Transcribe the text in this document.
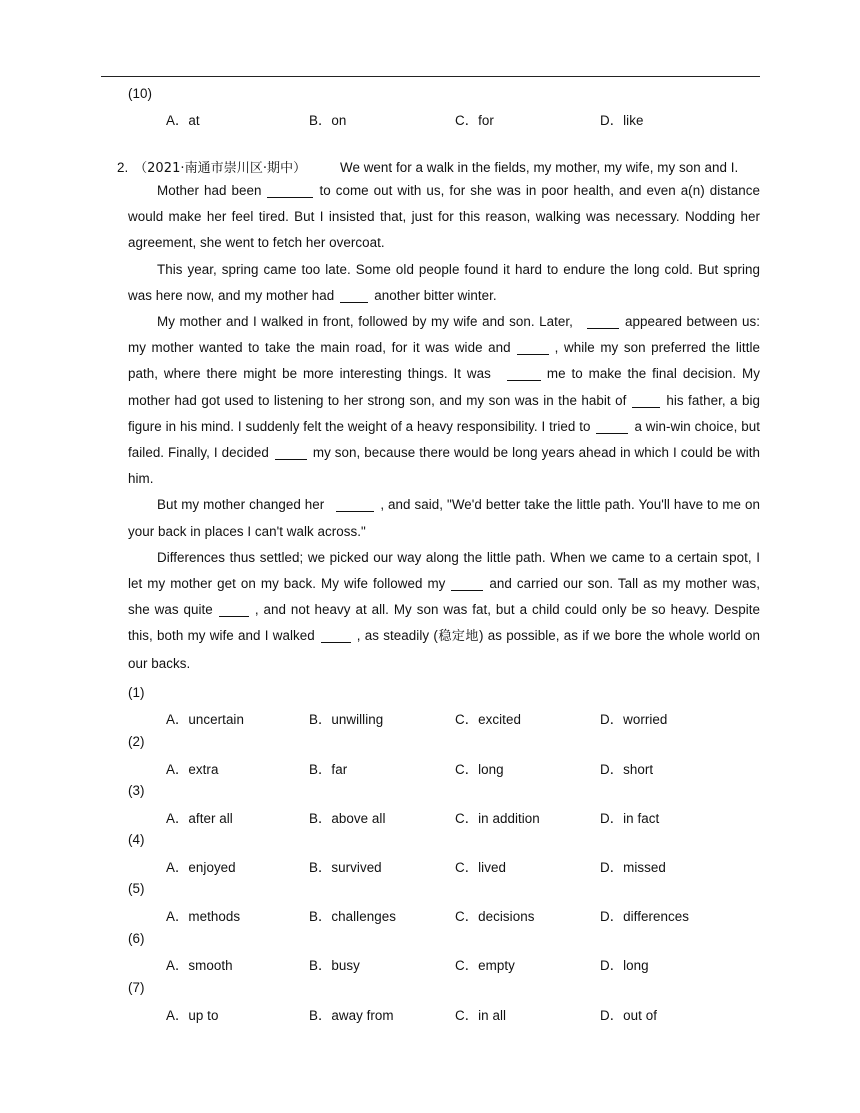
(10)
A．at	B．on	C．for	D．like
2. （2021·南通市崇川区·期中）	We went for a walk in the fields, my mother, my wife, my son and I.

Mother had been	to come out with us, for she was in poor health, and even a(n) distance would make her feel tired. But I insisted that, just for this reason, walking was necessary. Nodding her agreement, she went to fetch her overcoat.

This year, spring came too late. Some old people found it hard to endure the long cold. But spring was here now, and my mother had	another bitter winter.

My mother and I walked in front, followed by my wife and son. Later,	appeared between us: my mother wanted to take the main road, for it was wide and	, while my son preferred the little path, where there might be more interesting things. It was	me to make the final decision. My mother had got used to listening to her strong son, and my son was in the habit of	his father, a big figure in his mind. I suddenly felt the weight of a heavy responsibility. I tried to	a win-win choice, but failed. Finally, I decided	my son, because there would be long years ahead in which I could be with him.

But my mother changed her	, and said, "We'd better take the little path. You'll have to me on your back in places I can't walk across."

Differences thus settled; we picked our way along the little path. When we came to a certain spot, I let my mother get on my back. My wife followed my	and carried our son. Tall as my mother was, she was quite	, and not heavy at all. My son was fat, but a child could only be so heavy. Despite this, both my wife and I walked	, as steadily (稳定地) as possible, as if we bore the whole world on our backs.

(1)
A．uncertain	B．unwilling	C．excited	D．worried
(2)
A．extra	B．far	C．long	D．short
(3)
A．after all	B．above all	C．in addition	D．in fact
(4)
A．enjoyed	B．survived	C．lived	D．missed
(5)
A．methods	B．challenges	C．decisions	D．differences
(6)
A．smooth	B．busy	C．empty	D．long
(7)
A．up to	B．away from	C．in all	D．out of
